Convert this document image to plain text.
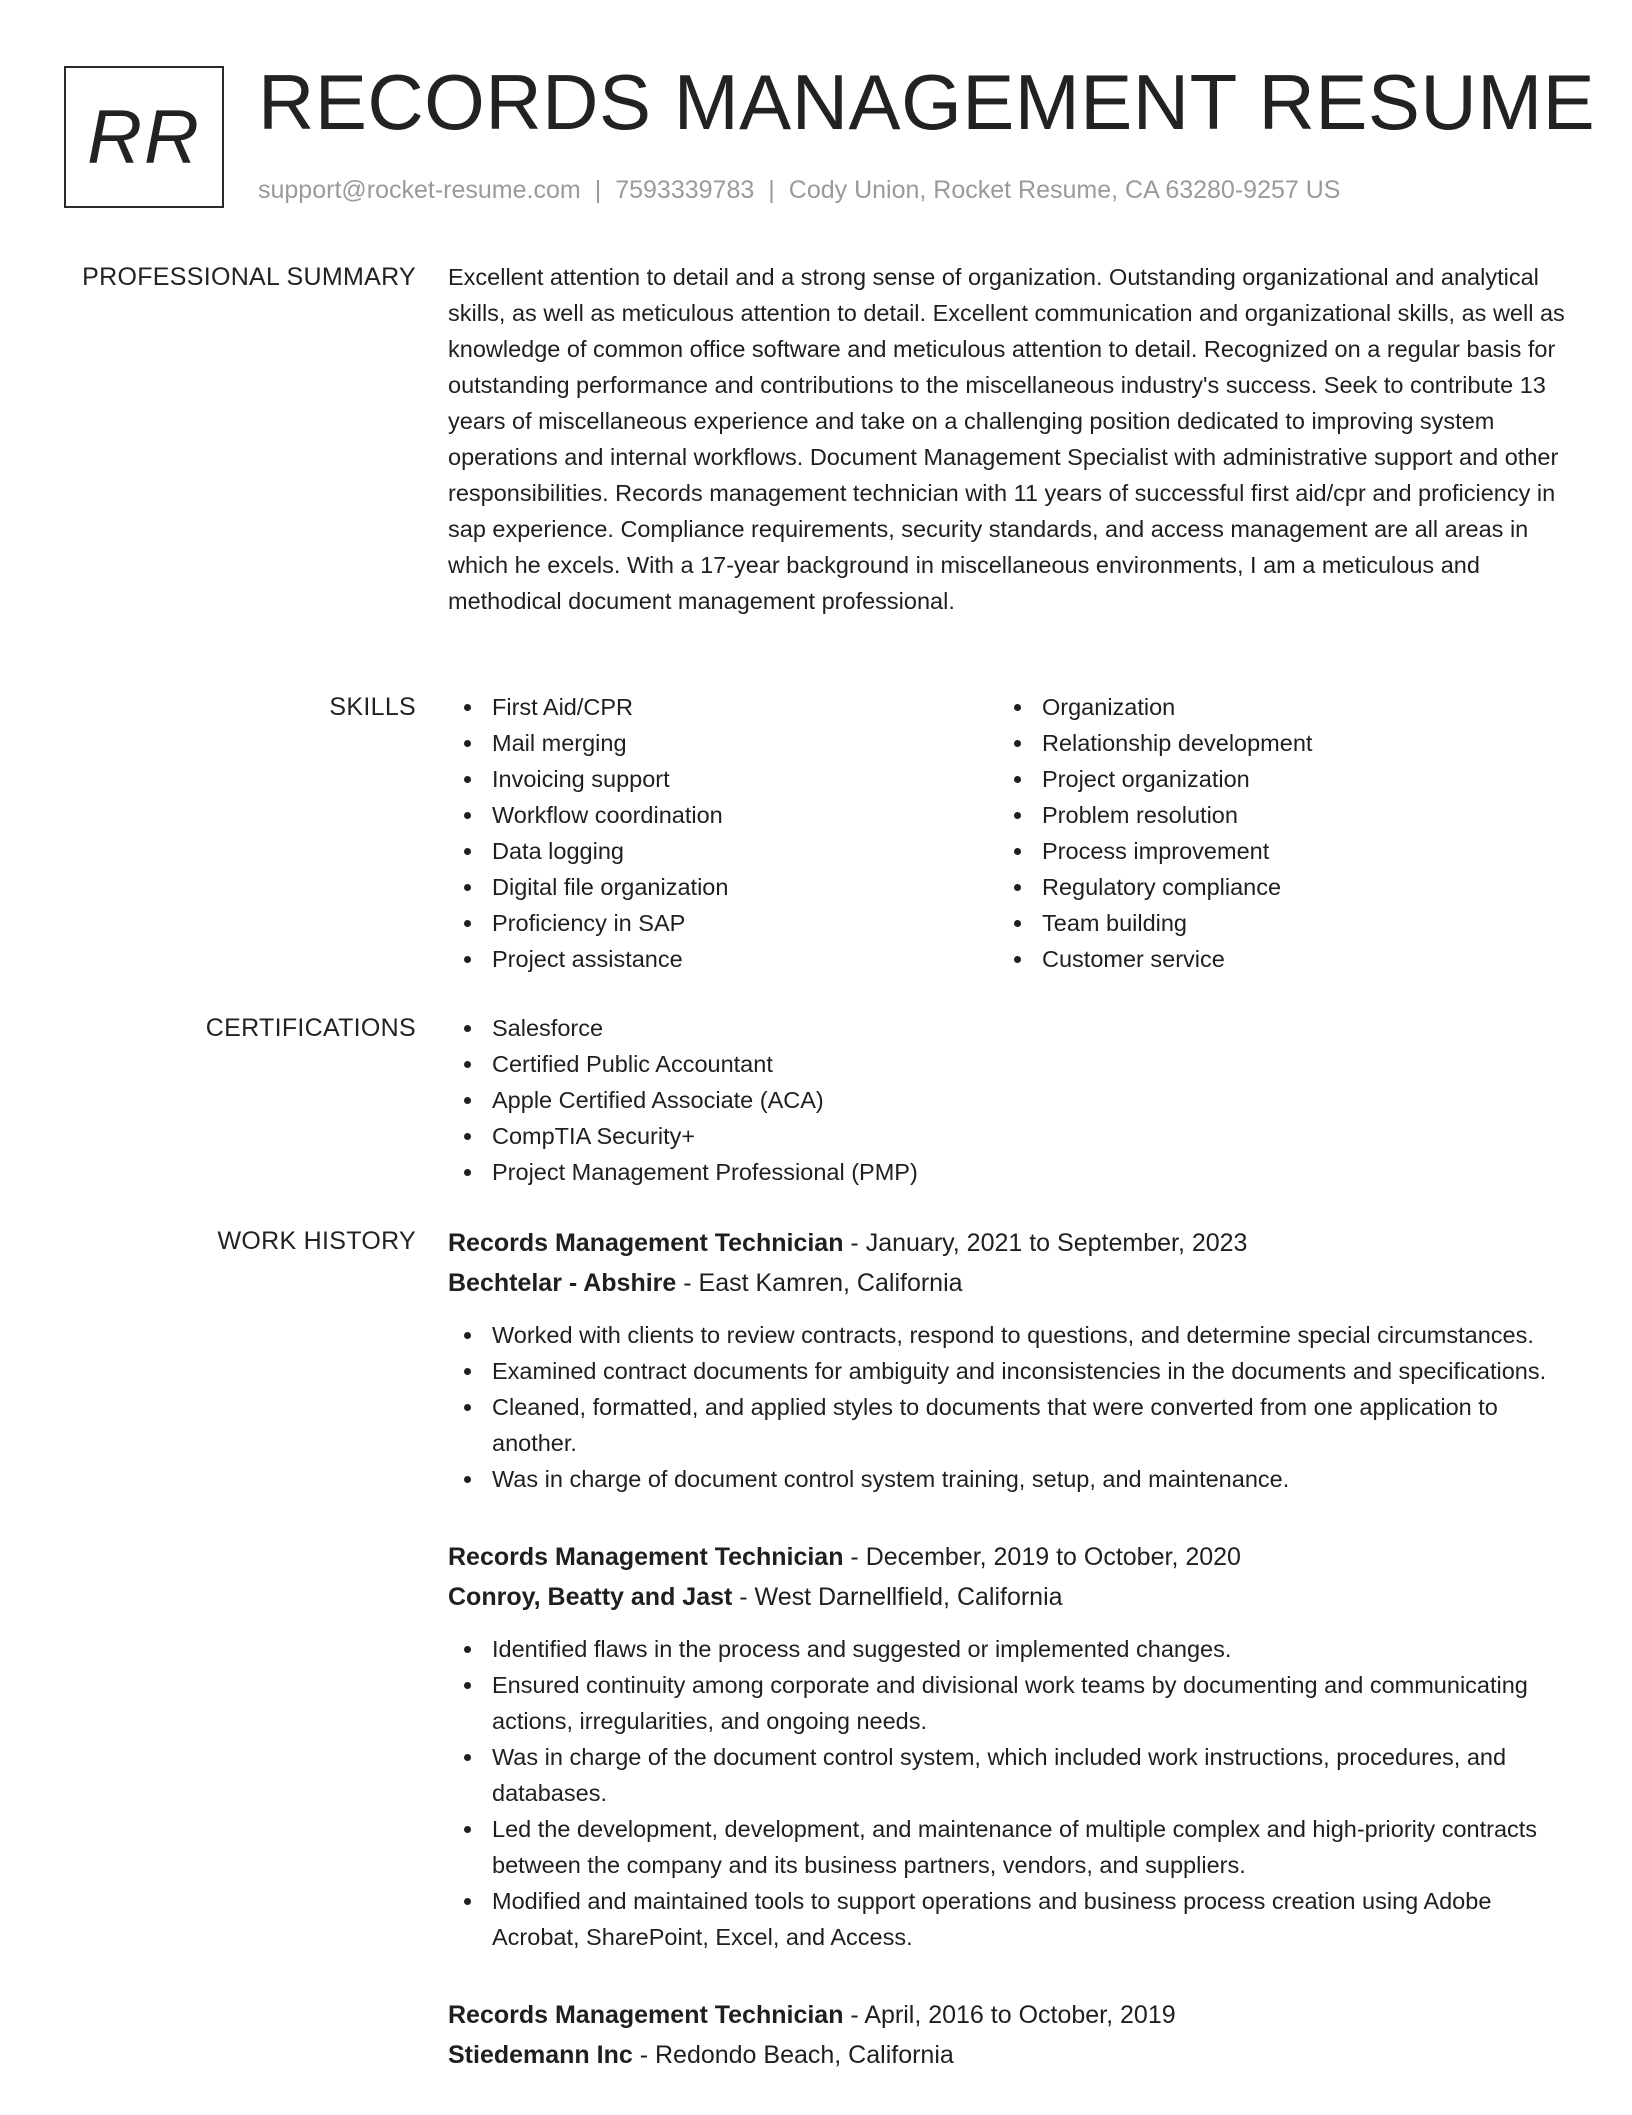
RR RECORDS MANAGEMENT RESUME
support@rocket-resume.com | 7593339783 | Cody Union, Rocket Resume, CA 63280-9257 US
PROFESSIONAL SUMMARY Excellent attention to detail and a strong sense of organization. Outstanding organizational and analytical skills, as well as meticulous attention to detail. Excellent communication and organizational skills, as well as knowledge of common office software and meticulous attention to detail. Recognized on a regular basis for outstanding performance and contributions to the miscellaneous industry's success. Seek to contribute 13 years of miscellaneous experience and take on a challenging position dedicated to improving system operations and internal workflows. Document Management Specialist with administrative support and other responsibilities. Records management technician with 11 years of successful first aid/cpr and proficiency in sap experience. Compliance requirements, security standards, and access management are all areas in which he excels. With a 17-year background in miscellaneous environments, I am a meticulous and methodical document management professional.

SKILLS	First Aid/CPR
Mail merging
Invoicing support
Workflow coordination
Data logging
Digital file organization
Proficiency in SAP
Project assistance
Organization
Relationship development
Project organization
Problem resolution
Process improvement
Regulatory compliance
Team building
Customer service
CERTIFICATIONS	Salesforce
Certified Public Accountant
Apple Certified Associate (ACA)
CompTIA Security+
Project Management Professional (PMP)
WORK HISTORY Records Management Technician - January, 2021 to September, 2023
Bechtelar - Abshire - East Kamren, California
Worked with clients to review contracts, respond to questions, and determine special circumstances.
Examined contract documents for ambiguity and inconsistencies in the documents and specifications.
Cleaned, formatted, and applied styles to documents that were converted from one application to another.
Was in charge of document control system training, setup, and maintenance.
Records Management Technician - December, 2019 to October, 2020
Conroy, Beatty and Jast - West Darnellfield, California
Identified flaws in the process and suggested or implemented changes.
Ensured continuity among corporate and divisional work teams by documenting and communicating actions, irregularities, and ongoing needs.
Was in charge of the document control system, which included work instructions, procedures, and databases.
Led the development, development, and maintenance of multiple complex and high-priority contracts between the company and its business partners, vendors, and suppliers.
Modified and maintained tools to support operations and business process creation using Adobe Acrobat, SharePoint, Excel, and Access.
Records Management Technician - April, 2016 to October, 2019
Stiedemann Inc - Redondo Beach, California
